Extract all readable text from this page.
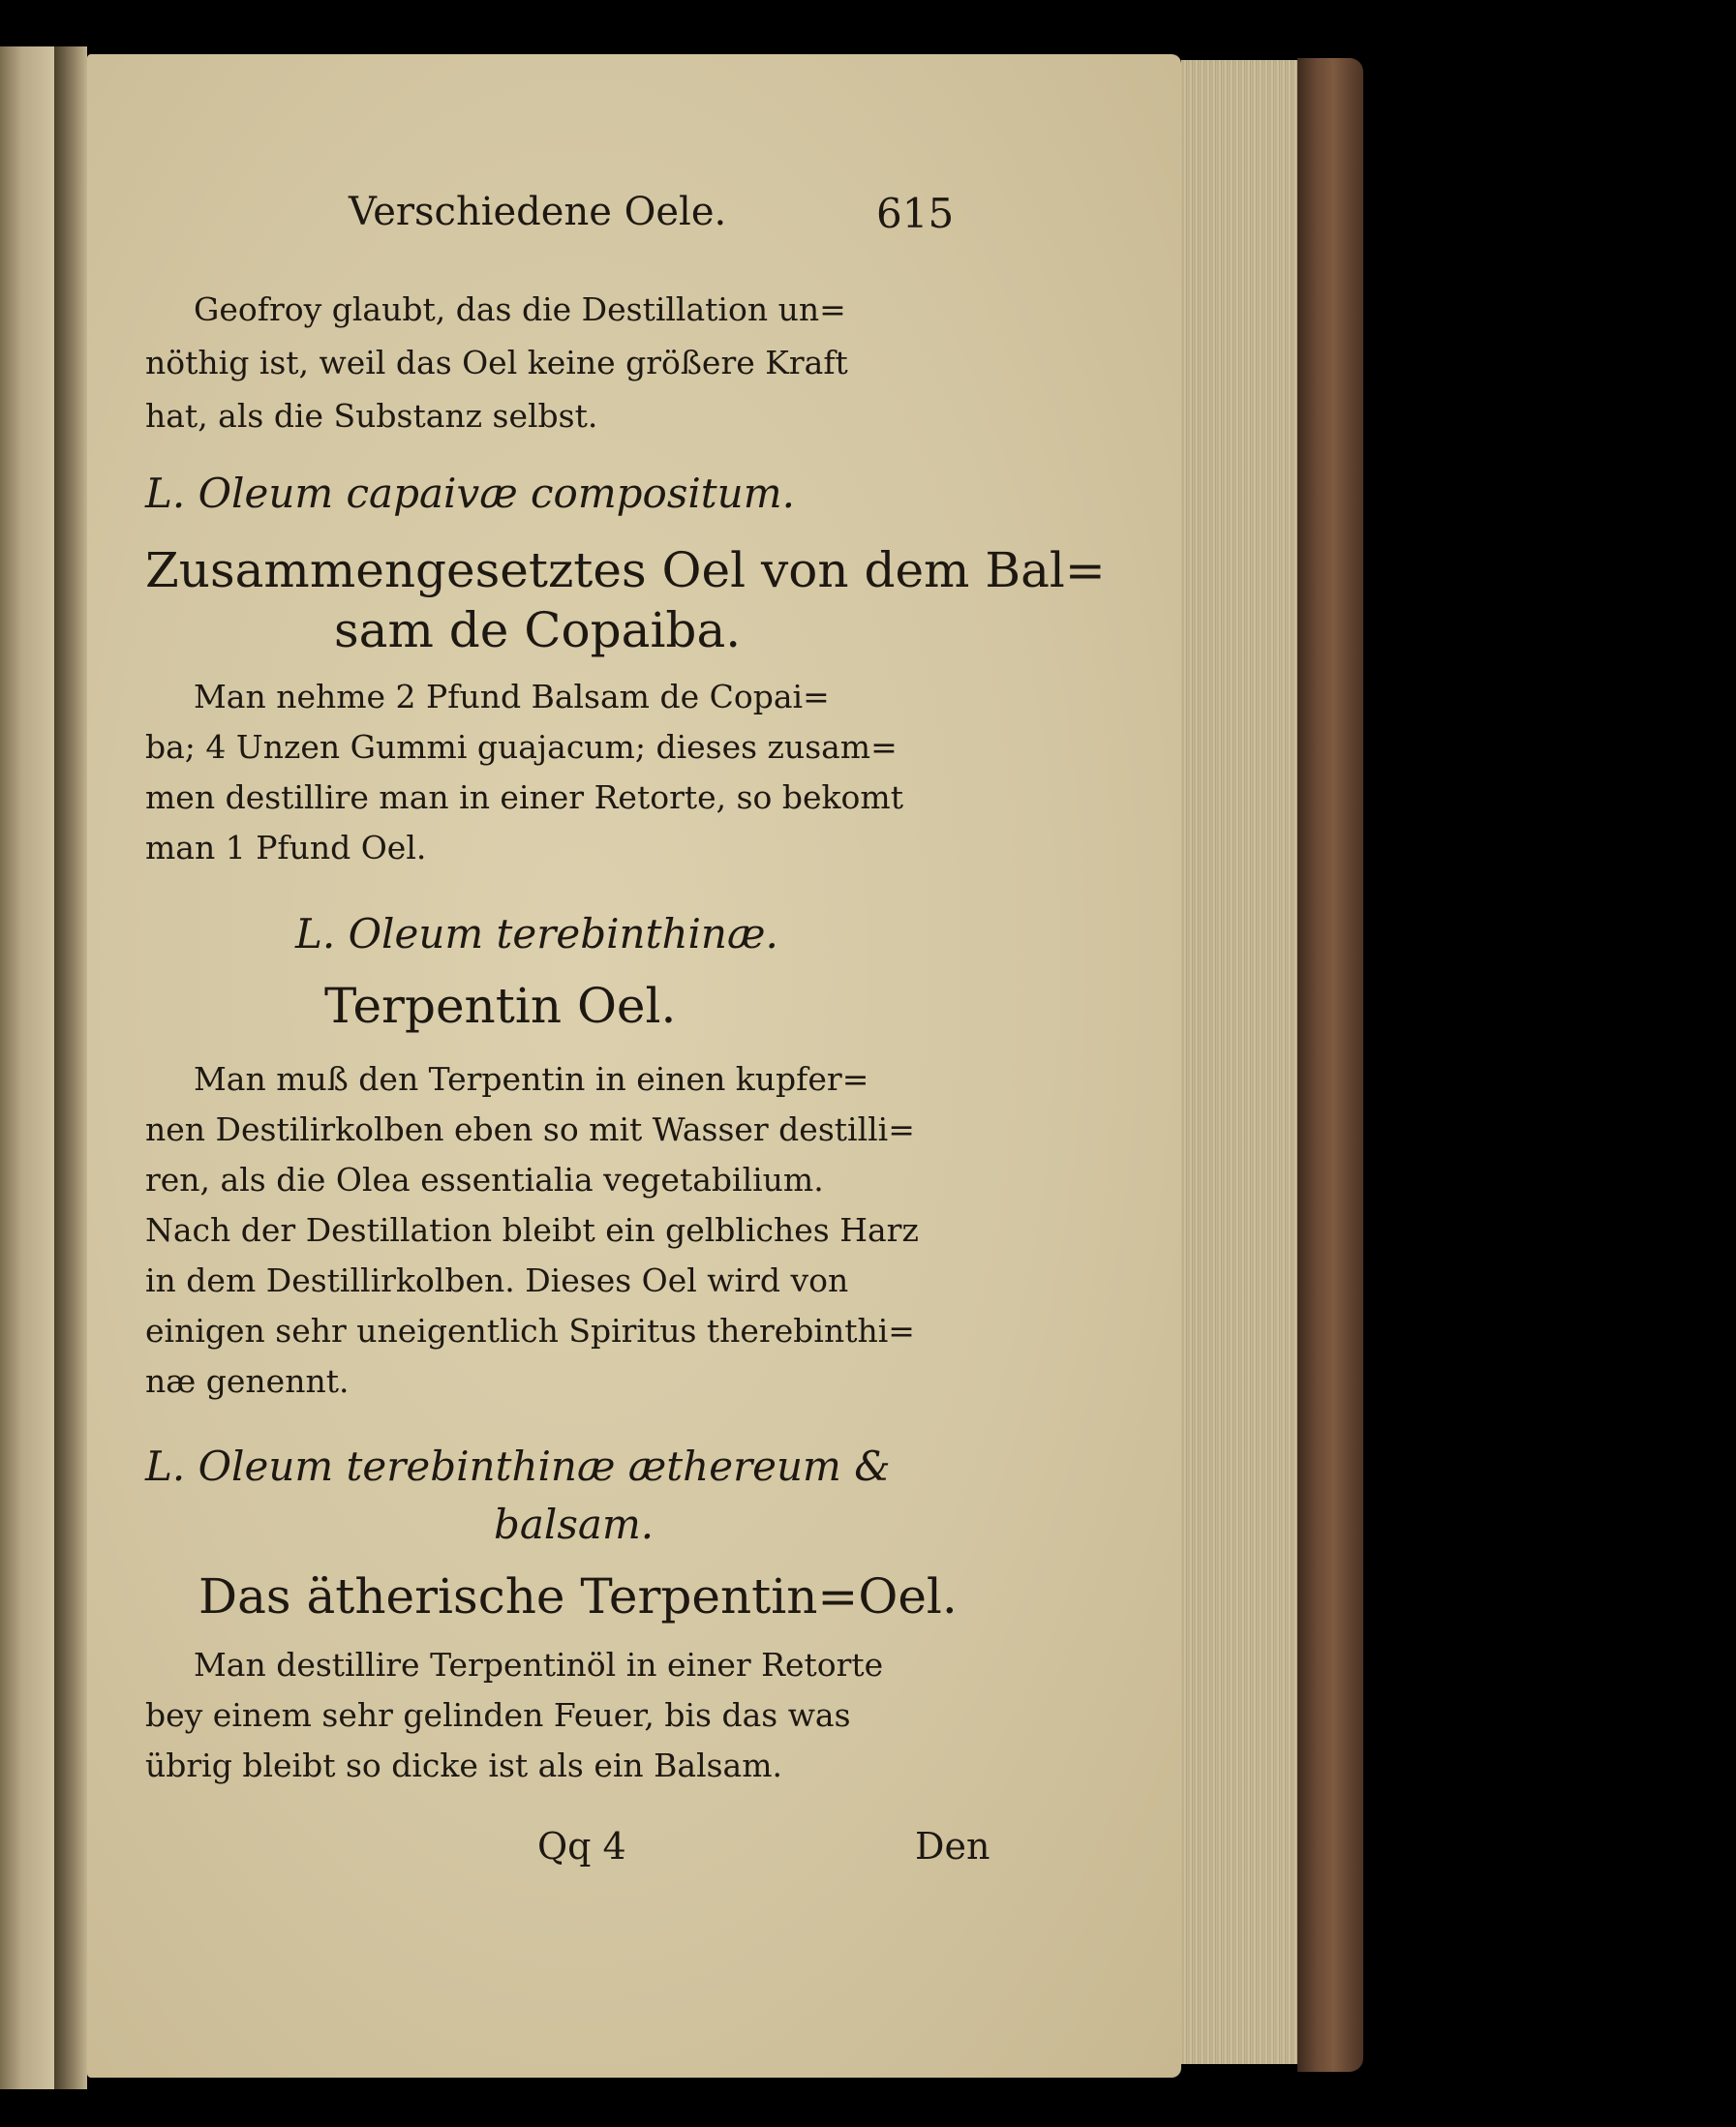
Verschiedene Oele.	615
Geofroy glaubt, das die Destillation un=
nöthig ist, weil das Oel keine größere Kraft
hat, als die Substanz selbst.
L. Oleum capaivæ compositum.
Zusammengesetztes Oel von dem Bal=
sam de Copaiba.
Man nehme 2 Pfund Balsam de Copai=
ba; 4 Unzen Gummi guajacum; dieses zusam=
men destillire man in einer Retorte, so bekomt
man 1 Pfund Oel.
L. Oleum terebinthinæ.
Terpentin Oel.
Man muß den Terpentin in einen kupfer=
nen Destilirkolben eben so mit Wasser destilli=
ren, als die Olea essentialia vegetabilium.
Nach der Destillation bleibt ein gelbliches Harz
in dem Destillirkolben. Dieses Oel wird von
einigen sehr uneigentlich Spiritus therebinthi=
næ genennt.
L. Oleum terebinthinæ æthereum &
balsam.
Das ätherische Terpentin=Oel.
Man destillire Terpentinöl in einer Retorte
bey einem sehr gelinden Feuer, bis das was
übrig bleibt so dicke ist als ein Balsam.
Qq 4	Den
